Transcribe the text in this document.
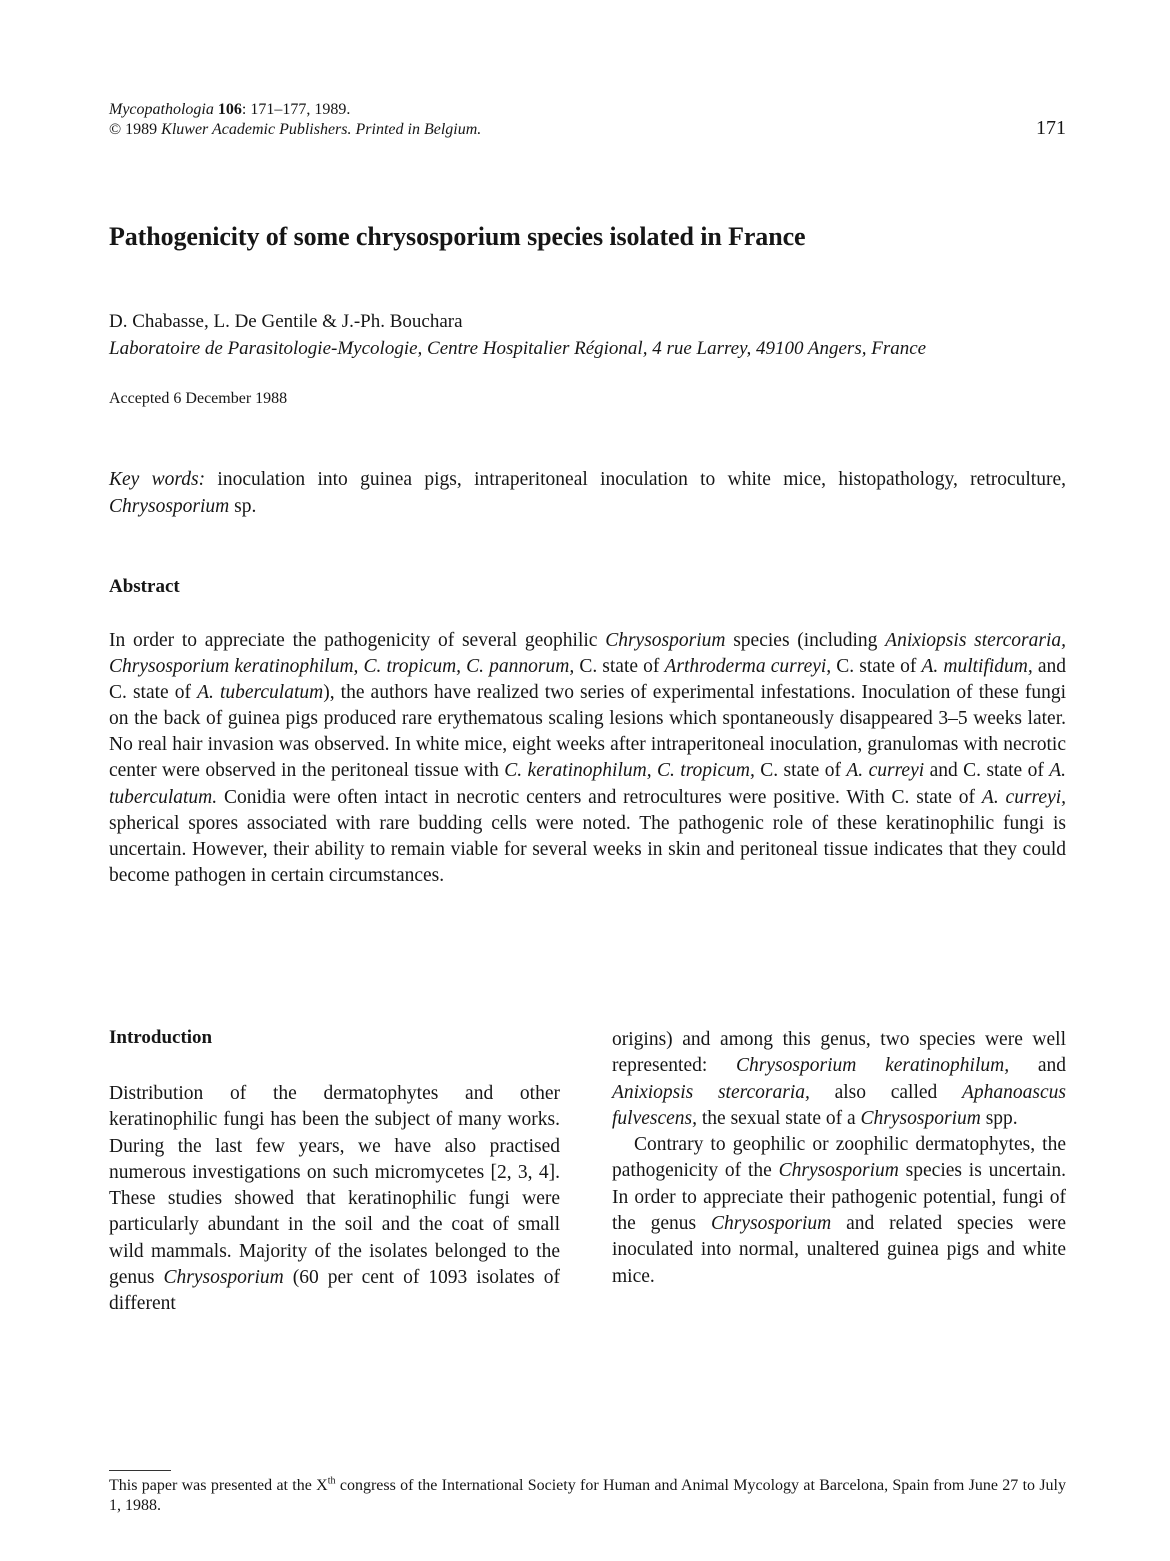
Mycopathologia 106: 171–177, 1989.
© 1989 Kluwer Academic Publishers. Printed in Belgium.	171
Pathogenicity of some chrysosporium species isolated in France
D. Chabasse, L. De Gentile & J.-Ph. Bouchara
Laboratoire de Parasitologie-Mycologie, Centre Hospitalier Régional, 4 rue Larrey, 49100 Angers, France
Accepted 6 December 1988
Key words: inoculation into guinea pigs, intraperitoneal inoculation to white mice, histopathology, retroculture, Chrysosporium sp.
Abstract
In order to appreciate the pathogenicity of several geophilic Chrysosporium species (including Anixiopsis stercoraria, Chrysosporium keratinophilum, C. tropicum, C. pannorum, C. state of Arthroderma curreyi, C. state of A. multifidum, and C. state of A. tuberculatum), the authors have realized two series of experimental infestations. Inoculation of these fungi on the back of guinea pigs produced rare erythematous scaling lesions which spontaneously disappeared 3–5 weeks later. No real hair invasion was observed. In white mice, eight weeks after intraperitoneal inoculation, granulomas with necrotic center were observed in the peritoneal tissue with C. keratinophilum, C. tropicum, C. state of A. curreyi and C. state of A. tuberculatum. Conidia were often intact in necrotic centers and retrocultures were positive. With C. state of A. curreyi, spherical spores associated with rare budding cells were noted. The pathogenic role of these keratinophilic fungi is uncertain. However, their ability to remain viable for several weeks in skin and peritoneal tissue indicates that they could become pathogen in certain circumstances.
Introduction

Distribution of the dermatophytes and other keratinophilic fungi has been the subject of many works. During the last few years, we have also practised numerous investigations on such micromycetes [2, 3, 4]. These studies showed that keratinophilic fungi were particularly abundant in the soil and the coat of small wild mammals. Majority of the isolates belonged to the genus Chrysosporium (60 per cent of 1093 isolates of different

origins) and among this genus, two species were well represented: Chrysosporium keratinophilum, and Anixiopsis stercoraria, also called Aphanoascus fulvescens, the sexual state of a Chrysosporium spp.

Contrary to geophilic or zoophilic dermatophytes, the pathogenicity of the Chrysosporium species is uncertain. In order to appreciate their pathogenic potential, fungi of the genus Chrysosporium and related species were inoculated into normal, unaltered guinea pigs and white mice.

This paper was presented at the Xth congress of the International Society for Human and Animal Mycology at Barcelona, Spain from June 27 to July 1, 1988.
